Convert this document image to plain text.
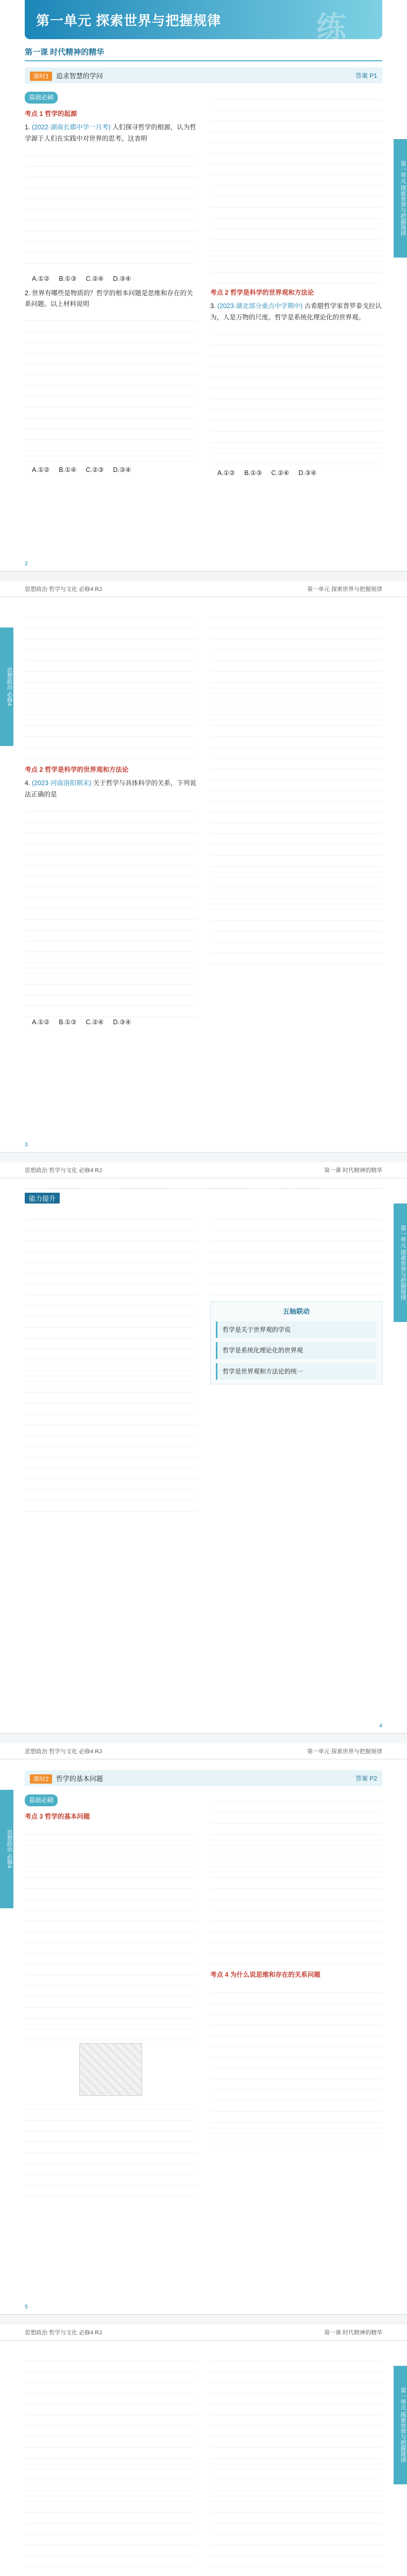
第一单元 探索世界与把握规律
第一单元 探索世界与把握规律	练
第一课 时代精神的精华
课时1 追求智慧的学问	答案 P1
基础必刷
考点 1 哲学的起源
1. (2022·湖南长郡中学一月考) 人们探寻哲学的根源，认为哲学源于人们在实践中对世界的思考。这表明
A.①② B.①③ C.②④ D.③④
2. 世界有哪些是物质的？哲学的根本问题是思维和存在的关系问题。以上材料说明
A.①② B.①④ C.②③ D.③④
考点 2 哲学是科学的世界观和方法论
3. (2023·湖北部分重点中学期中) 古希腊哲学家普罗泰戈拉认为，人是万物的尺度。哲学是系统化理论化的世界观。
A.①② B.①③ C.②④ D.③④
2
思想政治 必修4
思想政治 哲学与文化 必修4 RJ	第一单元 探索世界与把握规律
考点 2 哲学是科学的世界观和方法论
4. (2023·河南洛阳期末) 关于哲学与具体科学的关系，下列说法正确的是
A.①② B.①③ C.②④ D.③④
3
第一单元 探索世界与把握规律
思想政治 哲学与文化 必修4 RJ	第一课 时代精神的精华
能力提升
五轴联动
哲学是关于世界观的学说
哲学是系统化理论化的世界观
哲学是世界观和方法论的统一
4
思想政治 必修4
思想政治 哲学与文化 必修4 RJ	第一单元 探索世界与把握规律
课时2 哲学的基本问题	答案 P2
基础必刷
考点 3 哲学的基本问题
考点 4 为什么说思维和存在的关系问题
5
第一单元 探索世界与把握规律
思想政治 哲学与文化 必修4 RJ	第一课 时代精神的精华
